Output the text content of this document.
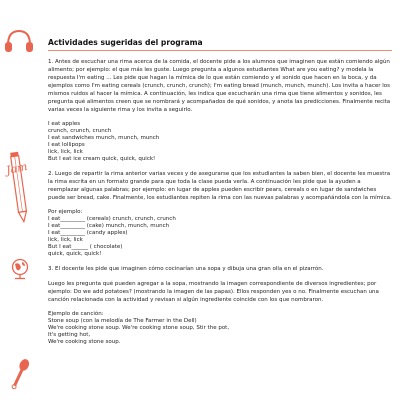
Jam
Actividades sugeridas del programa

1. Antes de escuchar una rima acerca de la comida, el docente pide a los alumnos que imaginen que están comiendo algún alimento; por ejemplo: el que más les guste. Luego pregunta a algunos estudiantes What are you eating? y modela la respuesta I'm eating ... Les pide que hagan la mímica de lo que están comiendo y el sonido que hacen en la boca, y da ejemplos como I'm eating cereals (crunch, crunch, crunch); I'm eating bread (munch, munch, munch). Los invita a hacer los mismos ruidos al hacer la mímica. A continuación, les indica que escucharán una rima que tiene alimentos y sonidos, les pregunta qué alimentos creen que se nombrará y acompañados de qué sonidos, y anota las predicciones. Finalmente recita varias veces la siguiente rima y los invita a seguirlo.

I eat apples
crunch, crunch, crunch
I eat sandwiches munch, munch, munch
I eat lollipops
lick, lick, lick
But I eat ice cream quick, quick, quick!

2. Luego de repartir la rima anterior varias veces y de asegurarse que los estudiantes la saben bien, el docente les muestra la rima escrita en un formato grande para que toda la clase pueda verla. A continuación les pide que la ayuden a reemplazar algunas palabras; por ejemplo: en lugar de apples pueden escribir pears, cereals o en lugar de sandwiches puede ser bread, cake. Finalmente, los estudiantes repiten la rima con las nuevas palabras y acompañándola con la mímica.

Por ejemplo:
I eat_________ (cereals) crunch, crunch, crunch
I eat_________ (cake) munch, munch, munch
I eat_________ (candy apples)
lick, lick, lick
But I eat______ ( chocolate)
quick, quick, quick!

3. El docente les pide que imaginen cómo cocinarían una sopa y dibuja una gran olla en el pizarrón.

Luego les pregunta qué pueden agregar a la sopa, mostrando la imagen correspondiente de diversos ingredientes; por ejemplo: Do we add potatoes? (mostrando la imagen de las papas). Ellos responden yes o no. Finalmente escuchan una canción relacionada con la actividad y revisan si algún ingrediente coincide con los que nombraron.

Ejemplo de canción:
Stone soup (con la melodía de The Farmer in the Dell)
We're cooking stone soup. We're cooking stone soup, Stir the pot,
It's getting hot,
We're cooking stone soup.
